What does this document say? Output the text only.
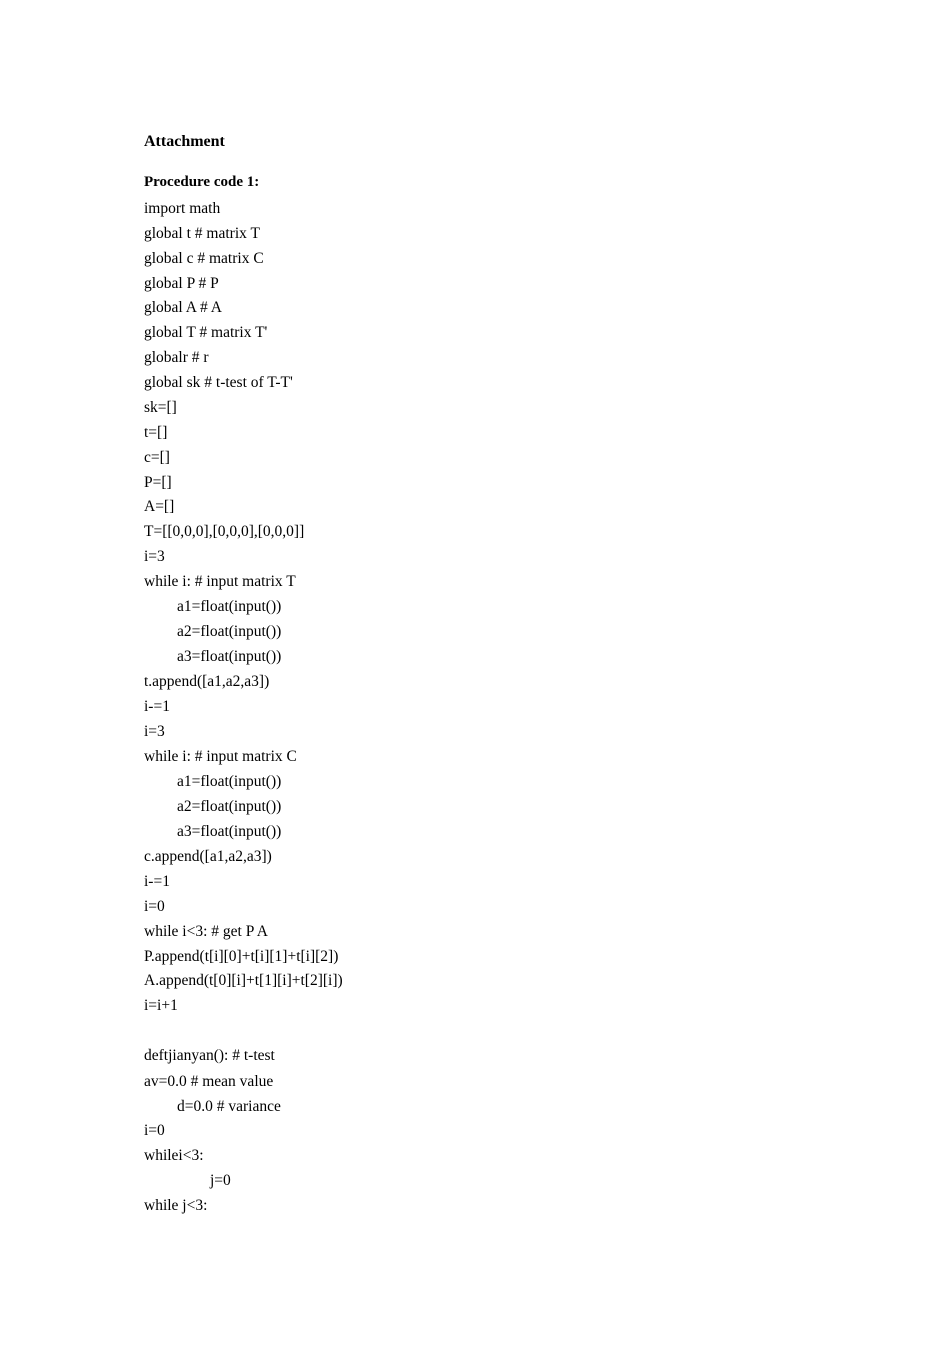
Attachment
Procedure code 1:
import math
global t # matrix T
global c # matrix C
global P # P
global A # A
global T # matrix T'
globalr # r
global sk # t-test of T-T'
sk=[]
t=[]
c=[]
P=[]
A=[]
T=[[0,0,0],[0,0,0],[0,0,0]]
i=3
while i: # input matrix T
a1=float(input())
a2=float(input())
a3=float(input())
t.append([a1,a2,a3])
i-=1
i=3
while i: # input matrix C
a1=float(input())
a2=float(input())
a3=float(input())
c.append([a1,a2,a3])
i-=1
i=0
while i<3: # get P A
P.append(t[i][0]+t[i][1]+t[i][2])
A.append(t[0][i]+t[1][i]+t[2][i])
i=i+1
deftjianyan(): # t-test
av=0.0 # mean value
d=0.0 # variance
i=0
whilei<3:
j=0
while j<3:
